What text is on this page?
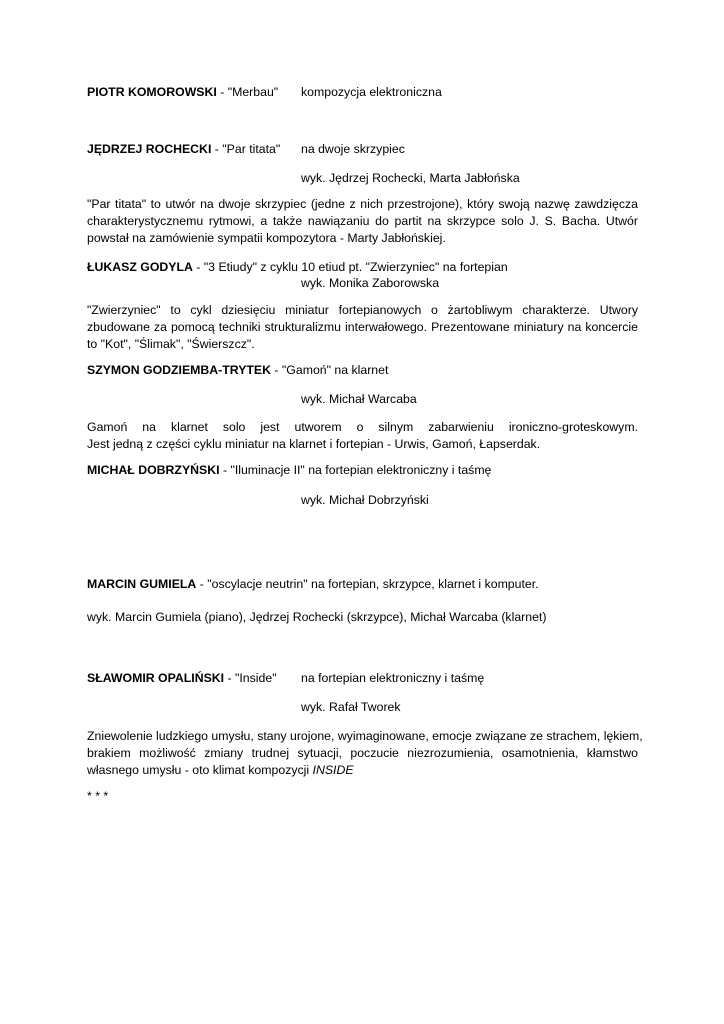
PIOTR KOMOROWSKI - "Merbau" kompozycja elektroniczna
JĘDRZEJ ROCHECKI - "Par titata" na dwoje skrzypiec
wyk. Jędrzej Rochecki, Marta Jabłońska
"Par titata" to utwór na dwoje skrzypiec (jedne z nich przestrojone), który swoją nazwę zawdzięcza
charakterystycznemu rytmowi, a także nawiązaniu do partit na skrzypce solo J. S. Bacha. Utwór
powstał na zamówienie sympatii kompozytora - Marty Jabłońskiej.
ŁUKASZ GODYLA - "3 Etiudy" z cyklu 10 etiud pt. "Zwierzyniec" na fortepian
wyk. Monika Zaborowska
"Zwierzyniec" to cykl dziesięciu miniatur fortepianowych o żartobliwym charakterze. Utwory
zbudowane za pomocą techniki strukturalizmu interwałowego. Prezentowane miniatury na koncercie
to "Kot", "Ślimak", "Świerszcz".
SZYMON GODZIEMBA-TRYTEK - "Gamoń" na klarnet
wyk. Michał Warcaba
Gamoń na klarnet solo jest utworem o silnym zabarwieniu ironiczno-groteskowym.
Jest jedną z części cyklu miniatur na klarnet i fortepian - Urwis, Gamoń, Łapserdak.
MICHAŁ DOBRZYŃSKI - "Iluminacje II" na fortepian elektroniczny i taśmę
wyk. Michał Dobrzyński
MARCIN GUMIELA - "oscylacje neutrin" na fortepian, skrzypce, klarnet i komputer.
wyk. Marcin Gumiela (piano), Jędrzej Rochecki (skrzypce), Michał Warcaba (klarnet)
SŁAWOMIR OPALIŃSKI - "Inside" na fortepian elektroniczny i taśmę
wyk. Rafał Tworek
Zniewolenie ludzkiego umysłu, stany urojone, wyimaginowane, emocje związane ze strachem, lękiem,
brakiem możliwość zmiany trudnej sytuacji, poczucie niezrozumienia, osamotnienia, kłamstwo
własnego umysłu - oto klimat kompozycji INSIDE
* * *
